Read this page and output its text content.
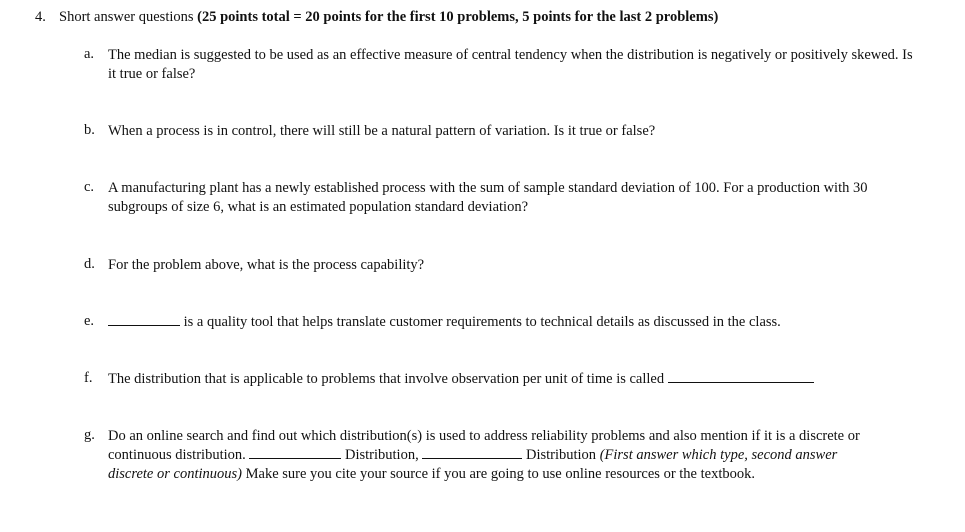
4. Short answer questions (25 points total = 20 points for the first 10 problems, 5 points for the last 2 problems)
a. The median is suggested to be used as an effective measure of central tendency when the distribution is negatively or positively skewed. Is it true or false?
b. When a process is in control, there will still be a natural pattern of variation. Is it true or false?
c. A manufacturing plant has a newly established process with the sum of sample standard deviation of 100. For a production with 30 subgroups of size 6, what is an estimated population standard deviation?
d. For the problem above, what is the process capability?
e.	is a quality tool that helps translate customer requirements to technical details as discussed in the class.
f.	The distribution that is applicable to problems that involve observation per unit of time is called
g. Do an online search and find out which distribution(s) is used to address reliability problems and also mention if it is a discrete or continuous distribution.	Distribution,	Distribution (First answer which type, second answer discrete or continuous) Make sure you cite your source if you are going to use online resources or the textbook.
